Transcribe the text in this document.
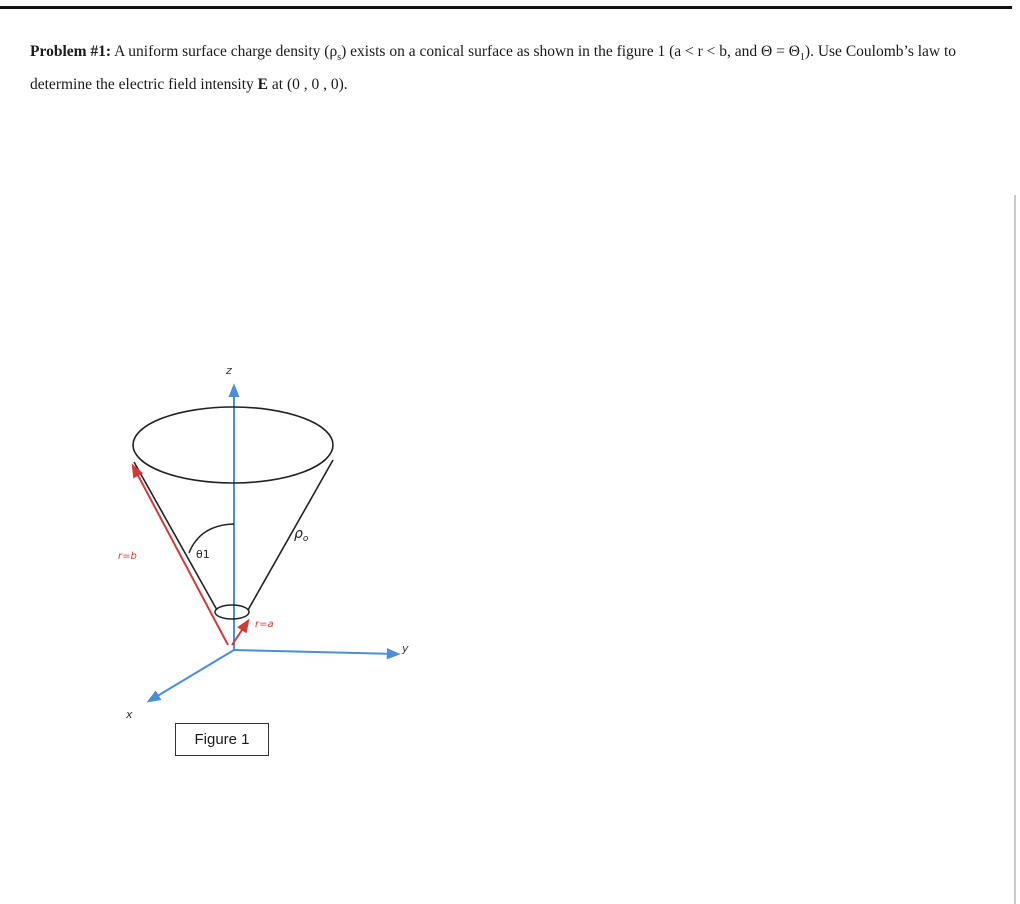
Problem #1: A uniform surface charge density $(\rho_s)$ exists on a conical surface as shown in the figure 1 (a < r < b, and $\Theta = \Theta_1$). Use Coulomb’s law to determine the electric field intensity E at (0 , 0 , 0).
z
y
x
r=b
r=a
θ1
$\rho_o$
Figure 1
